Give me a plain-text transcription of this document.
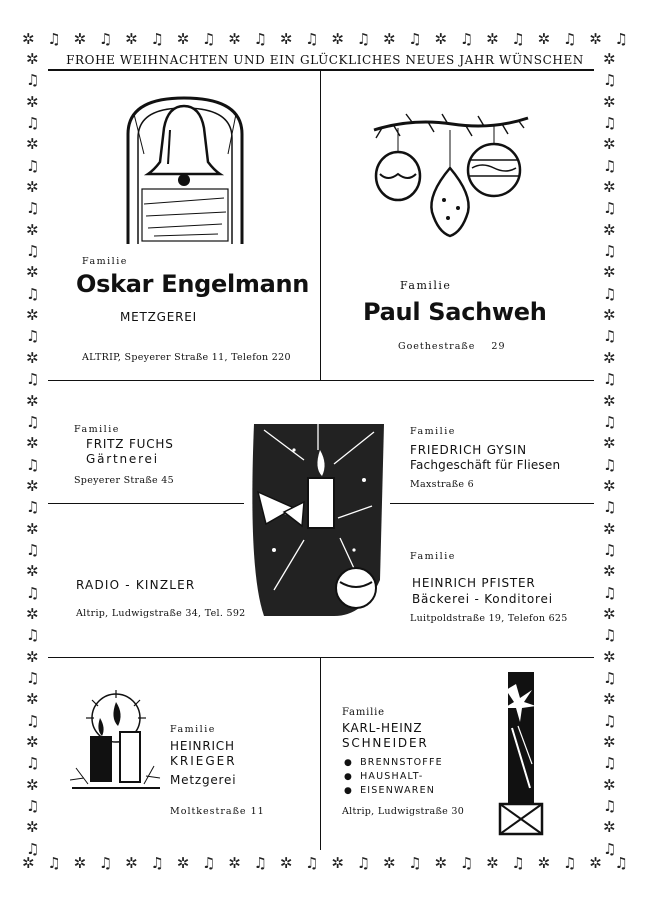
✲ ♫ ✲ ♫ ✲ ♫ ✲ ♫ ✲ ♫ ✲ ♫ ✲ ♫ ✲ ♫ ✲ ♫ ✲ ♫ ✲ ♫ ✲ ♫
✲ ♫ ✲ ♫ ✲ ♫ ✲ ♫ ✲ ♫ ✲ ♫ ✲ ♫ ✲ ♫ ✲ ♫ ✲ ♫ ✲ ♫ ✲ ♫
✲
♫
✲
♫
✲
♫
✲
♫
✲
♫
✲
♫
✲
♫
✲
♫
✲
♫
✲
♫
✲
♫
✲
♫
✲
♫
✲
♫
✲
♫
✲
♫
✲
♫
✲
♫
✲
♫
✲
♫
✲
♫
✲
♫
✲
♫
✲
♫
✲
♫
✲
♫
✲
♫
✲
♫
✲
♫
✲
♫
✲
♫
✲
♫
✲
♫
✲
♫
✲
♫
✲
♫
✲
♫
✲
♫
FROHE WEIHNACHTEN UND EIN GLÜCKLICHES NEUES JAHR WÜNSCHEN
Familie
Oskar Engelmann
METZGEREI
ALTRIP, Speyerer Straße 11, Telefon 220
Familie
Paul Sachweh
Goethestraße    29
Familie
FRITZ FUCHS
Gärtnerei
Speyerer Straße 45
Familie
FRIEDRICH GYSIN
Fachgeschäft für Fliesen
Maxstraße 6
RADIO - KINZLER
Altrip, Ludwigstraße 34, Tel. 592
Familie
HEINRICH PFISTER
Bäckerei - Konditorei
Luitpoldstraße 19, Telefon 625
Familie
HEINRICH
KRIEGER
Metzgerei
Moltkestraße 11
Familie
KARL-HEINZ
SCHNEIDER
● BRENNSTOFFE
● HAUSHALT-
● EISENWAREN
Altrip, Ludwigstraße 30
